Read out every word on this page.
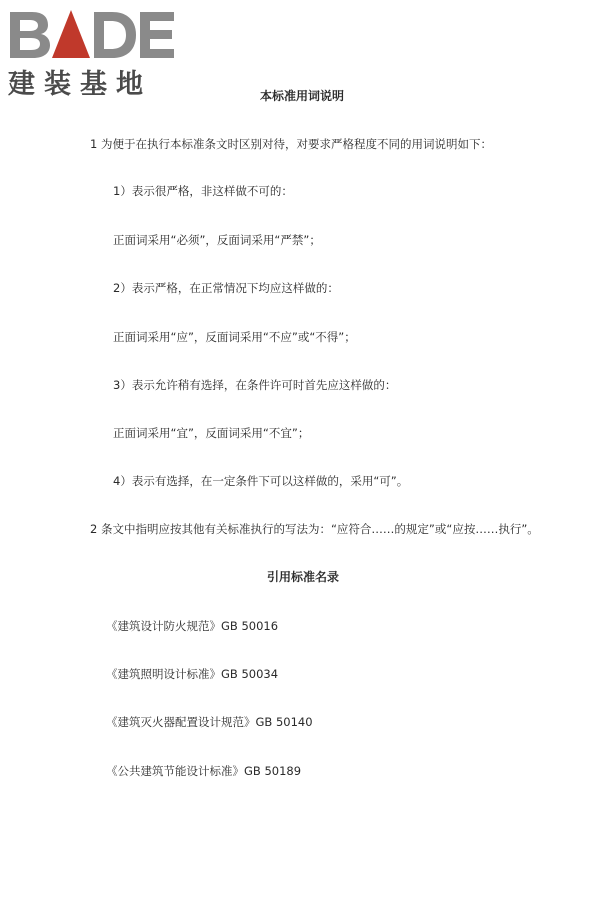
建装基地	本标准用词说明
1 为便于在执行本标准条文时区别对待，对要求严格程度不同的用词说明如下：
1）表示很严格，非这样做不可的：
正面词采用“必须”，反面词采用“严禁”；
2）表示严格，在正常情况下均应这样做的：
正面词采用“应”，反面词采用“不应”或“不得”；
3）表示允许稍有选择，在条件许可时首先应这样做的：
正面词采用“宜”，反面词采用“不宜”；
4）表示有选择，在一定条件下可以这样做的，采用“可”。
2 条文中指明应按其他有关标准执行的写法为：“应符合……的规定”或“应按……执行”。
引用标准名录
《建筑设计防火规范》GB 50016
《建筑照明设计标准》GB 50034
《建筑灭火器配置设计规范》GB 50140
《公共建筑节能设计标准》GB 50189
